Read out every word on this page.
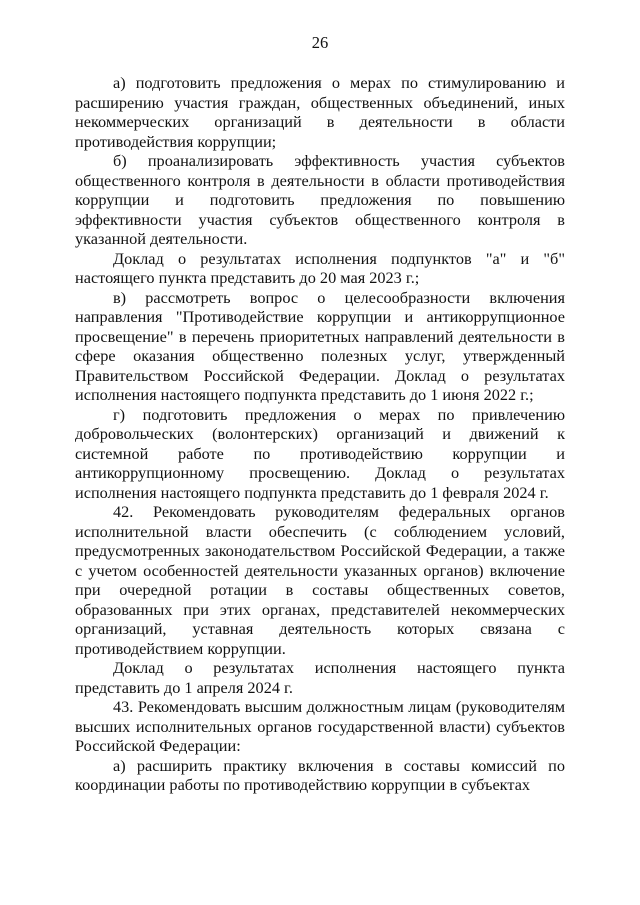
26

а) подготовить предложения о мерах по стимулированию и расширению участия граждан, общественных объединений, иных некоммерческих организаций в деятельности в области противодействия коррупции;

б) проанализировать эффективность участия субъектов общественного контроля в деятельности в области противодействия коррупции и подготовить предложения по повышению эффективности участия субъектов общественного контроля в указанной деятельности.

Доклад о результатах исполнения подпунктов "а" и "б" настоящего пункта представить до 20 мая 2023 г.;

в) рассмотреть вопрос о целесообразности включения направления "Противодействие коррупции и антикоррупционное просвещение" в перечень приоритетных направлений деятельности в сфере оказания общественно полезных услуг, утвержденный Правительством Российской Федерации. Доклад о результатах исполнения настоящего подпункта представить до 1 июня 2022 г.;

г) подготовить предложения о мерах по привлечению добровольческих (волонтерских) организаций и движений к системной работе по противодействию коррупции и антикоррупционному просвещению. Доклад о результатах исполнения настоящего подпункта представить до 1 февраля 2024 г.

42. Рекомендовать руководителям федеральных органов исполнительной власти обеспечить (с соблюдением условий, предусмотренных законодательством Российской Федерации, а также с учетом особенностей деятельности указанных органов) включение при очередной ротации в составы общественных советов, образованных при этих органах, представителей некоммерческих организаций, уставная деятельность которых связана с противодействием коррупции.

Доклад о результатах исполнения настоящего пункта представить до 1 апреля 2024 г.

43. Рекомендовать высшим должностным лицам (руководителям высших исполнительных органов государственной власти) субъектов Российской Федерации:

а) расширить практику включения в составы комиссий по координации работы по противодействию коррупции в субъектах
